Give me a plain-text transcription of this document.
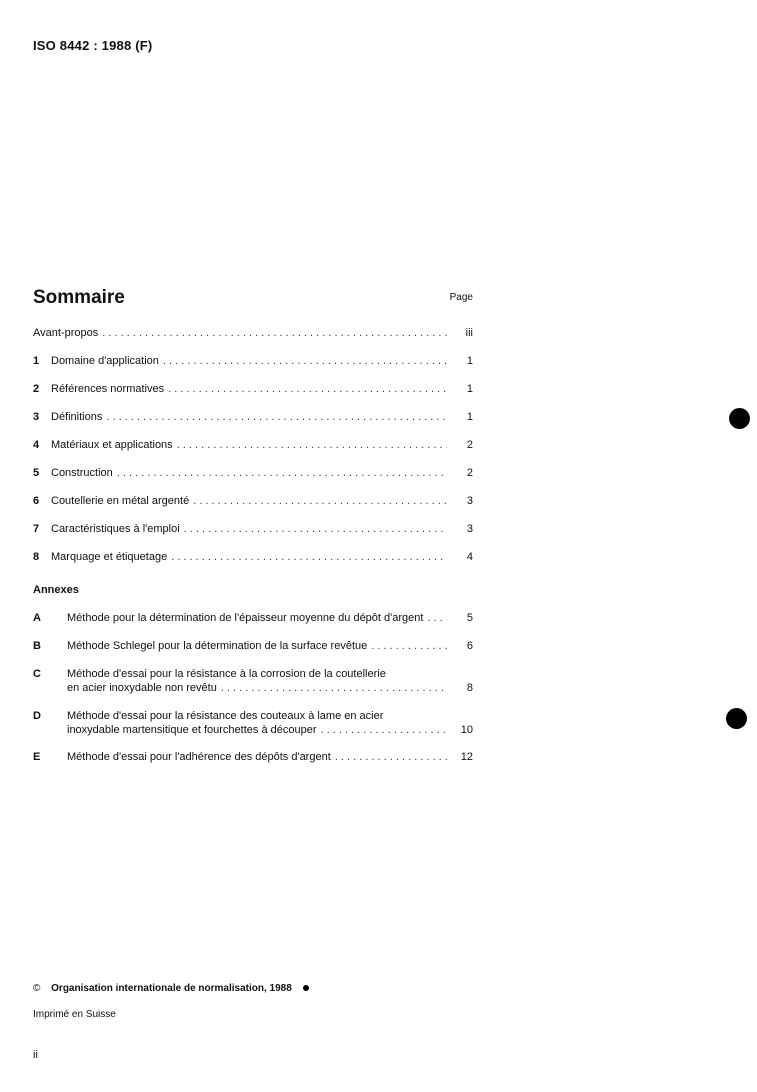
ISO 8442 : 1988 (F)
Sommaire	Page
Avant-propos . . .	iii
1	Domaine d'application . . .	1
2	Références normatives . . .	1
3	Définitions . . .	1
4	Matériaux et applications . . .	2
5	Construction . . .	2
6	Coutellerie en métal argenté . . .	3
7	Caractéristiques à l'emploi . . .	3
8	Marquage et étiquetage . . .	4
Annexes
A	Méthode pour la détermination de l'épaisseur moyenne du dépôt d'argent . . .	5
B	Méthode Schlegel pour la détermination de la surface revêtue . . .	6
C	Méthode d'essai pour la résistance à la corrosion de la coutellerie
en acier inoxydable non revêtu . . .	8
D	Méthode d'essai pour la résistance des couteaux à lame en acier
inoxydable martensitique et fourchettes à découper . . .	10
E	Méthode d'essai pour l'adhérence des dépôts d'argent . . .	12
© Organisation internationale de normalisation, 1988
Imprimé en Suisse
ii
